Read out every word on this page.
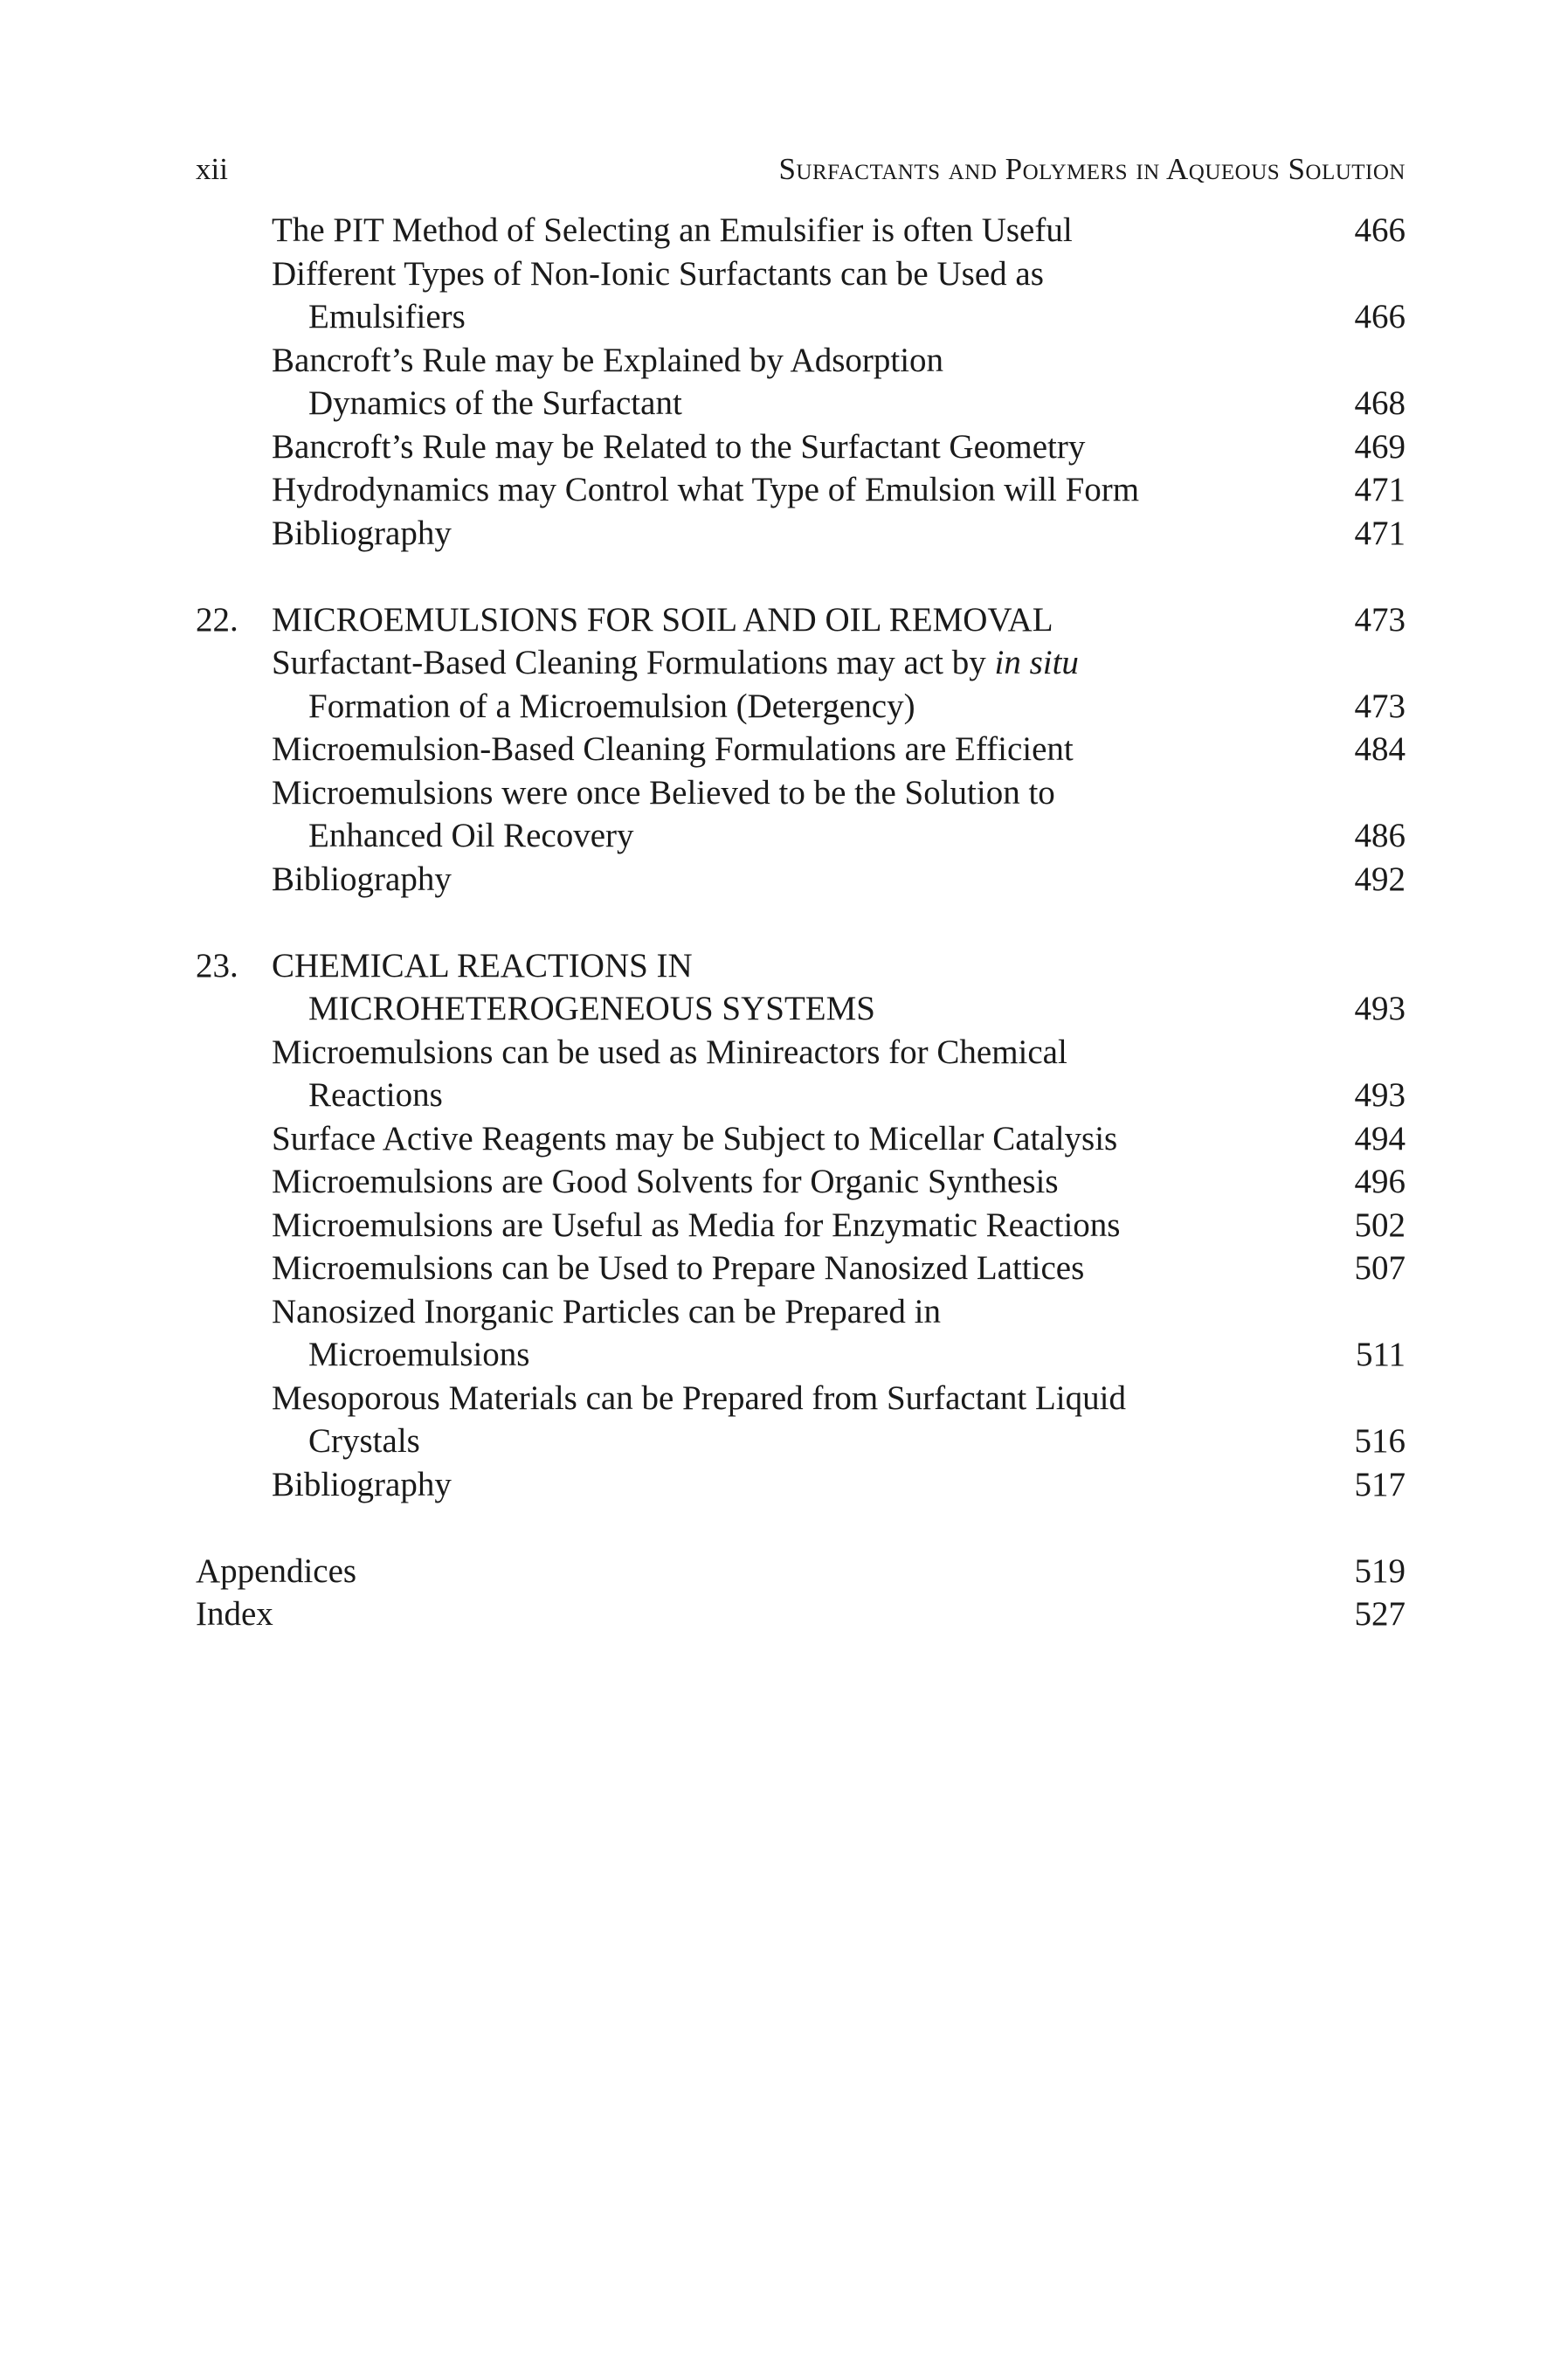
xii	Surfactants and Polymers in Aqueous Solution
The PIT Method of Selecting an Emulsifier is often Useful	466
Different Types of Non-Ionic Surfactants can be Used as
Emulsifiers	466
Bancroft’s Rule may be Explained by Adsorption
Dynamics of the Surfactant	468
Bancroft’s Rule may be Related to the Surfactant Geometry	469
Hydrodynamics may Control what Type of Emulsion will Form	471
Bibliography	471
22. MICROEMULSIONS FOR SOIL AND OIL REMOVAL	473
Surfactant-Based Cleaning Formulations may act by in situ
Formation of a Microemulsion (Detergency)	473
Microemulsion-Based Cleaning Formulations are Efficient	484
Microemulsions were once Believed to be the Solution to
Enhanced Oil Recovery	486
Bibliography	492
23. CHEMICAL REACTIONS IN
MICROHETEROGENEOUS SYSTEMS	493
Microemulsions can be used as Minireactors for Chemical
Reactions	493
Surface Active Reagents may be Subject to Micellar Catalysis	494
Microemulsions are Good Solvents for Organic Synthesis	496
Microemulsions are Useful as Media for Enzymatic Reactions	502
Microemulsions can be Used to Prepare Nanosized Lattices	507
Nanosized Inorganic Particles can be Prepared in
Microemulsions	511
Mesoporous Materials can be Prepared from Surfactant Liquid
Crystals	516
Bibliography	517
Appendices	519
Index	527
